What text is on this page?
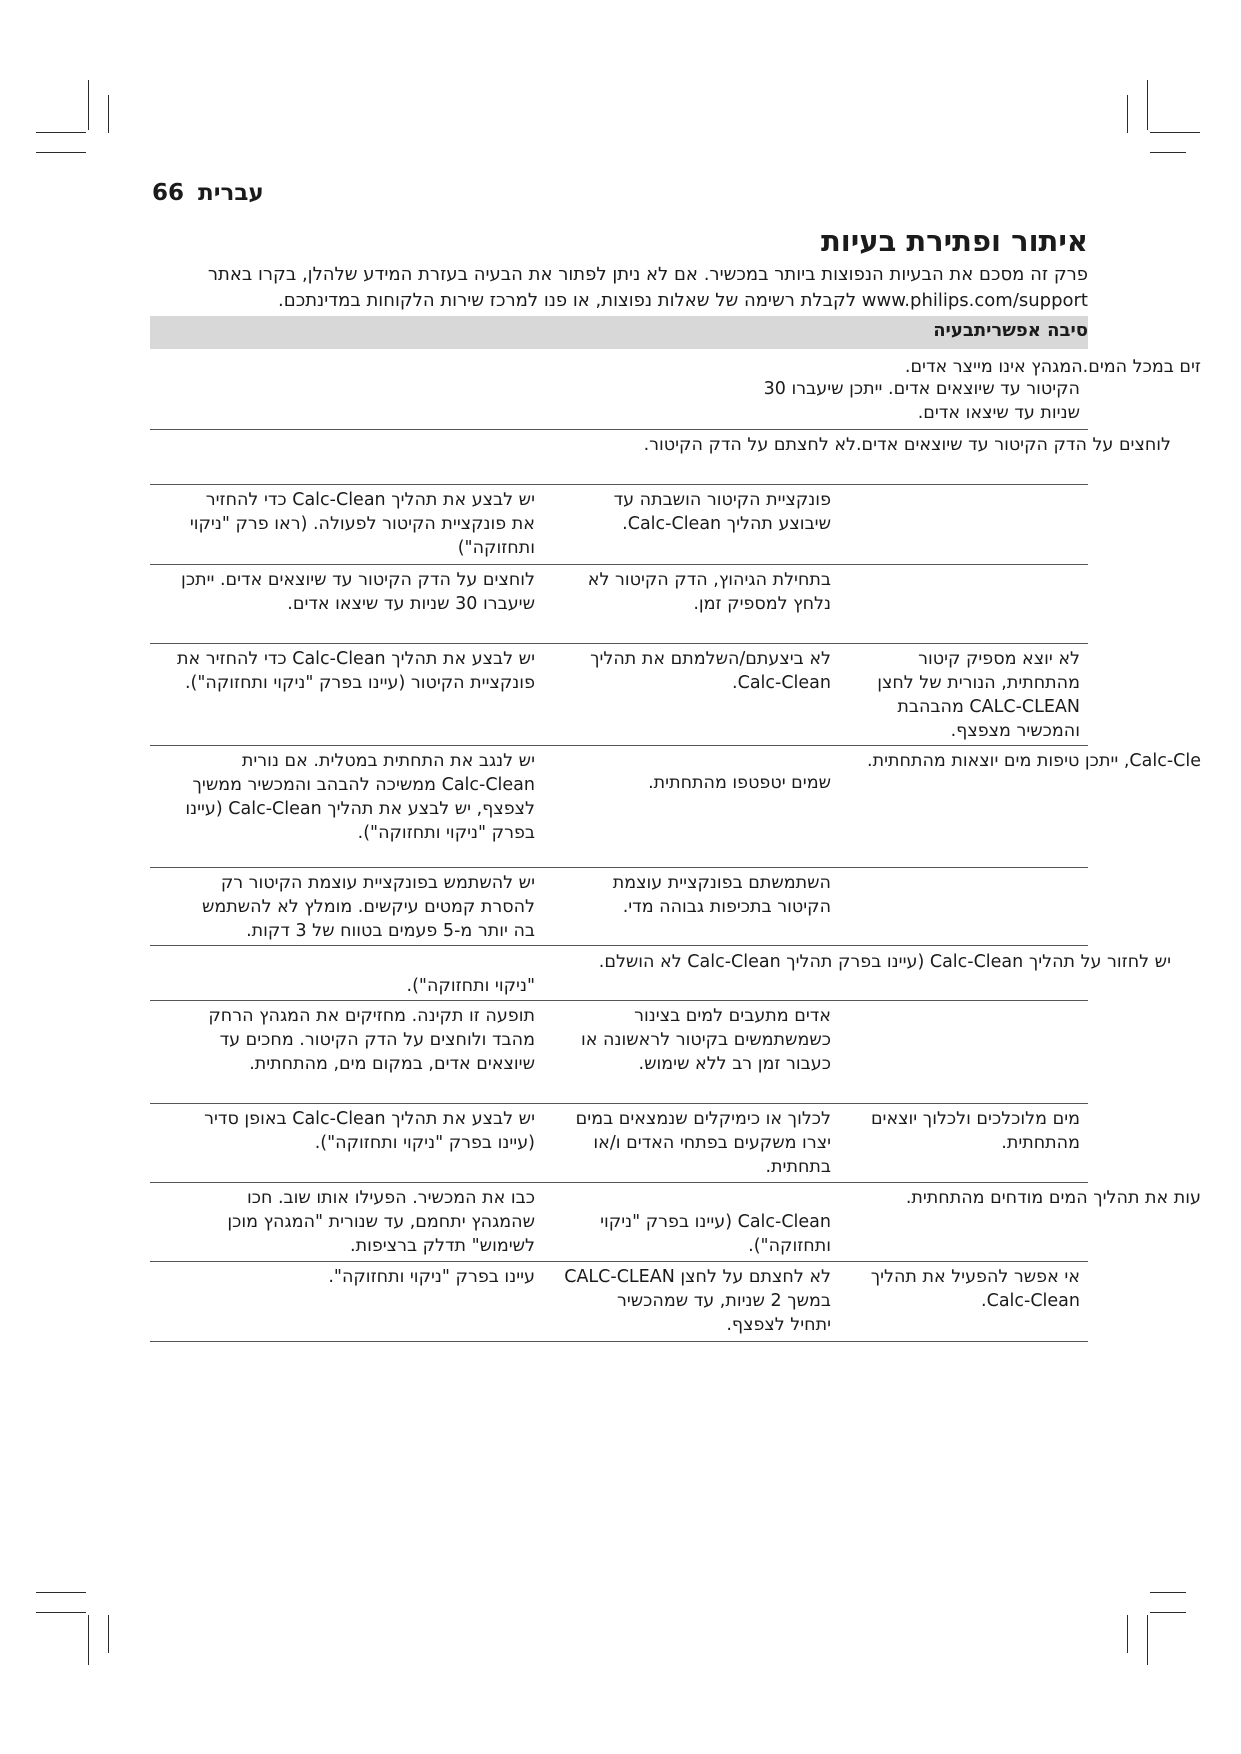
66 עברית
איתור ופתירת בעיות

פרק זה מסכם את הבעיות הנפוצות ביותר במכשיר. אם לא ניתן לפתור את הבעיה בעזרת המידע שלהלן, בקרו באתר

www.philips.com/support לקבלת רשימה של שאלות נפוצות, או פנו למרכז שירות הלקוחות במדינתכם.

סיבה אפשריתבעיה
זים במכל המים.המגהץ אינו מייצר אדים.

הקיטור עד שיוצאים אדים. ייתכן שיעברו 30

שניות עד שיצאו אדים.

לוחצים על הדק הקיטור עד שיוצאים אדים.לא לחצתם על הדק הקיטור.

פונקציית הקיטור הושבתה עד

שיבוצע תהליך Calc-Clean.

יש לבצע את תהליך Calc-Clean כדי להחזיר

את פונקציית הקיטור לפעולה. (ראו פרק "ניקוי

ותחזוקה")

בתחילת הגיהוץ, הדק הקיטור לא

נלחץ למספיק זמן.

לוחצים על הדק הקיטור עד שיוצאים אדים. ייתכן

שיעברו 30 שניות עד שיצאו אדים.

לא יוצא מספיק קיטור

מהתחתית, הנורית של לחצן

CALC-CLEAN מהבהבת

והמכשיר מצפצף.

לא ביצעתם/השלמתם את תהליך

Calc-Clean.

יש לבצע את תהליך Calc-Clean כדי להחזיר את

פונקציית הקיטור (עיינו בפרק "ניקוי ותחזוקה").

Calc-Cle, ייתכן טיפות מים יוצאות מהתחתית.

שמים יטפטפו מהתחתית.

יש לנגב את התחתית במטלית. אם נורית

Calc-Clean ממשיכה להבהב והמכשיר ממשיך

לצפצף, יש לבצע את תהליך Calc-Clean (עיינו

בפרק "ניקוי ותחזוקה").

השתמשתם בפונקציית עוצמת

הקיטור בתכיפות גבוהה מדי.

יש להשתמש בפונקציית עוצמת הקיטור רק

להסרת קמטים עיקשים. מומלץ לא להשתמש

בה יותר מ-5 פעמים בטווח של 3 דקות.

יש לחזור על תהליך Calc-Clean (עיינו בפרק תהליך Calc-Clean לא הושלם.

"ניקוי ותחזוקה").

אדים מתעבים למים בצינור

כשמשתמשים בקיטור לראשונה או

כעבור זמן רב ללא שימוש.

תופעה זו תקינה. מחזיקים את המגהץ הרחק

מהבד ולוחצים על הדק הקיטור. מחכים עד

שיוצאים אדים, במקום מים, מהתחתית.

מים מלוכלכים ולכלוך יוצאים

מהתחתית.

לכלוך או כימיקלים שנמצאים במים

יצרו משקעים בפתחי האדים ו/או

בתחתית.

יש לבצע את תהליך Calc-Clean באופן סדיר

(עיינו בפרק "ניקוי ותחזוקה").

עות את תהליך המים מודחים מהתחתית.

Calc-Clean (עיינו בפרק "ניקוי

ותחזוקה").

כבו את המכשיר. הפעילו אותו שוב. חכו

שהמגהץ יתחמם, עד שנורית "המגהץ מוכן

לשימוש" תדלק ברציפות.

אי אפשר להפעיל את תהליך

Calc-Clean.

לא לחצתם על לחצן CALC-CLEAN

במשך 2 שניות, עד שמהכשיר

יתחיל לצפצף.

עיינו בפרק "ניקוי ותחזוקה".
